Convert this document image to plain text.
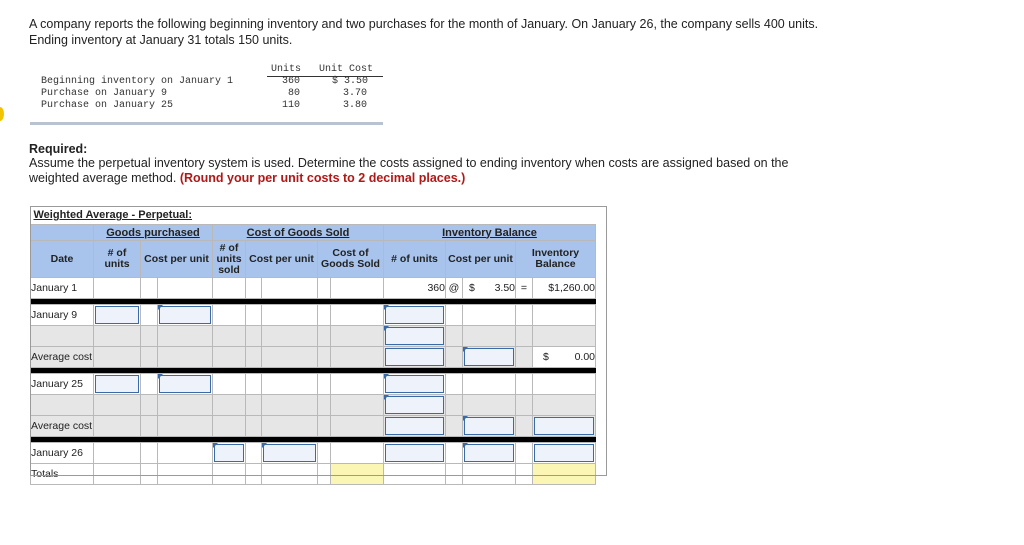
A company reports the following beginning inventory and two purchases for the month of January. On January 26, the company sells 400 units. Ending inventory at January 31 totals 150 units.

Units Unit Cost
Beginning inventory on January 1	360	$ 3.50
Purchase on January 9	80	3.70
Purchase on January 25	110	3.80

Required:

Assume the perpetual inventory system is used. Determine the costs assigned to ending inventory when costs are assigned based on the weighted average method. (Round your per unit costs to 2 decimal places.)

Weighted Average - Perpetual:													
	Goods purchased			Cost of Goods Sold					Inventory Balance				
Date	# of units	Cost per unit		# of units sold	Cost per unit		Cost of Goods Sold		# of units	Cost per unit		Inventory Balance	
January 1									360	@	$ 3.50	=	$1,260.00

January 9	

Average cost													$ 0.00

January 25	

Average cost									

January 26				

Totals													
